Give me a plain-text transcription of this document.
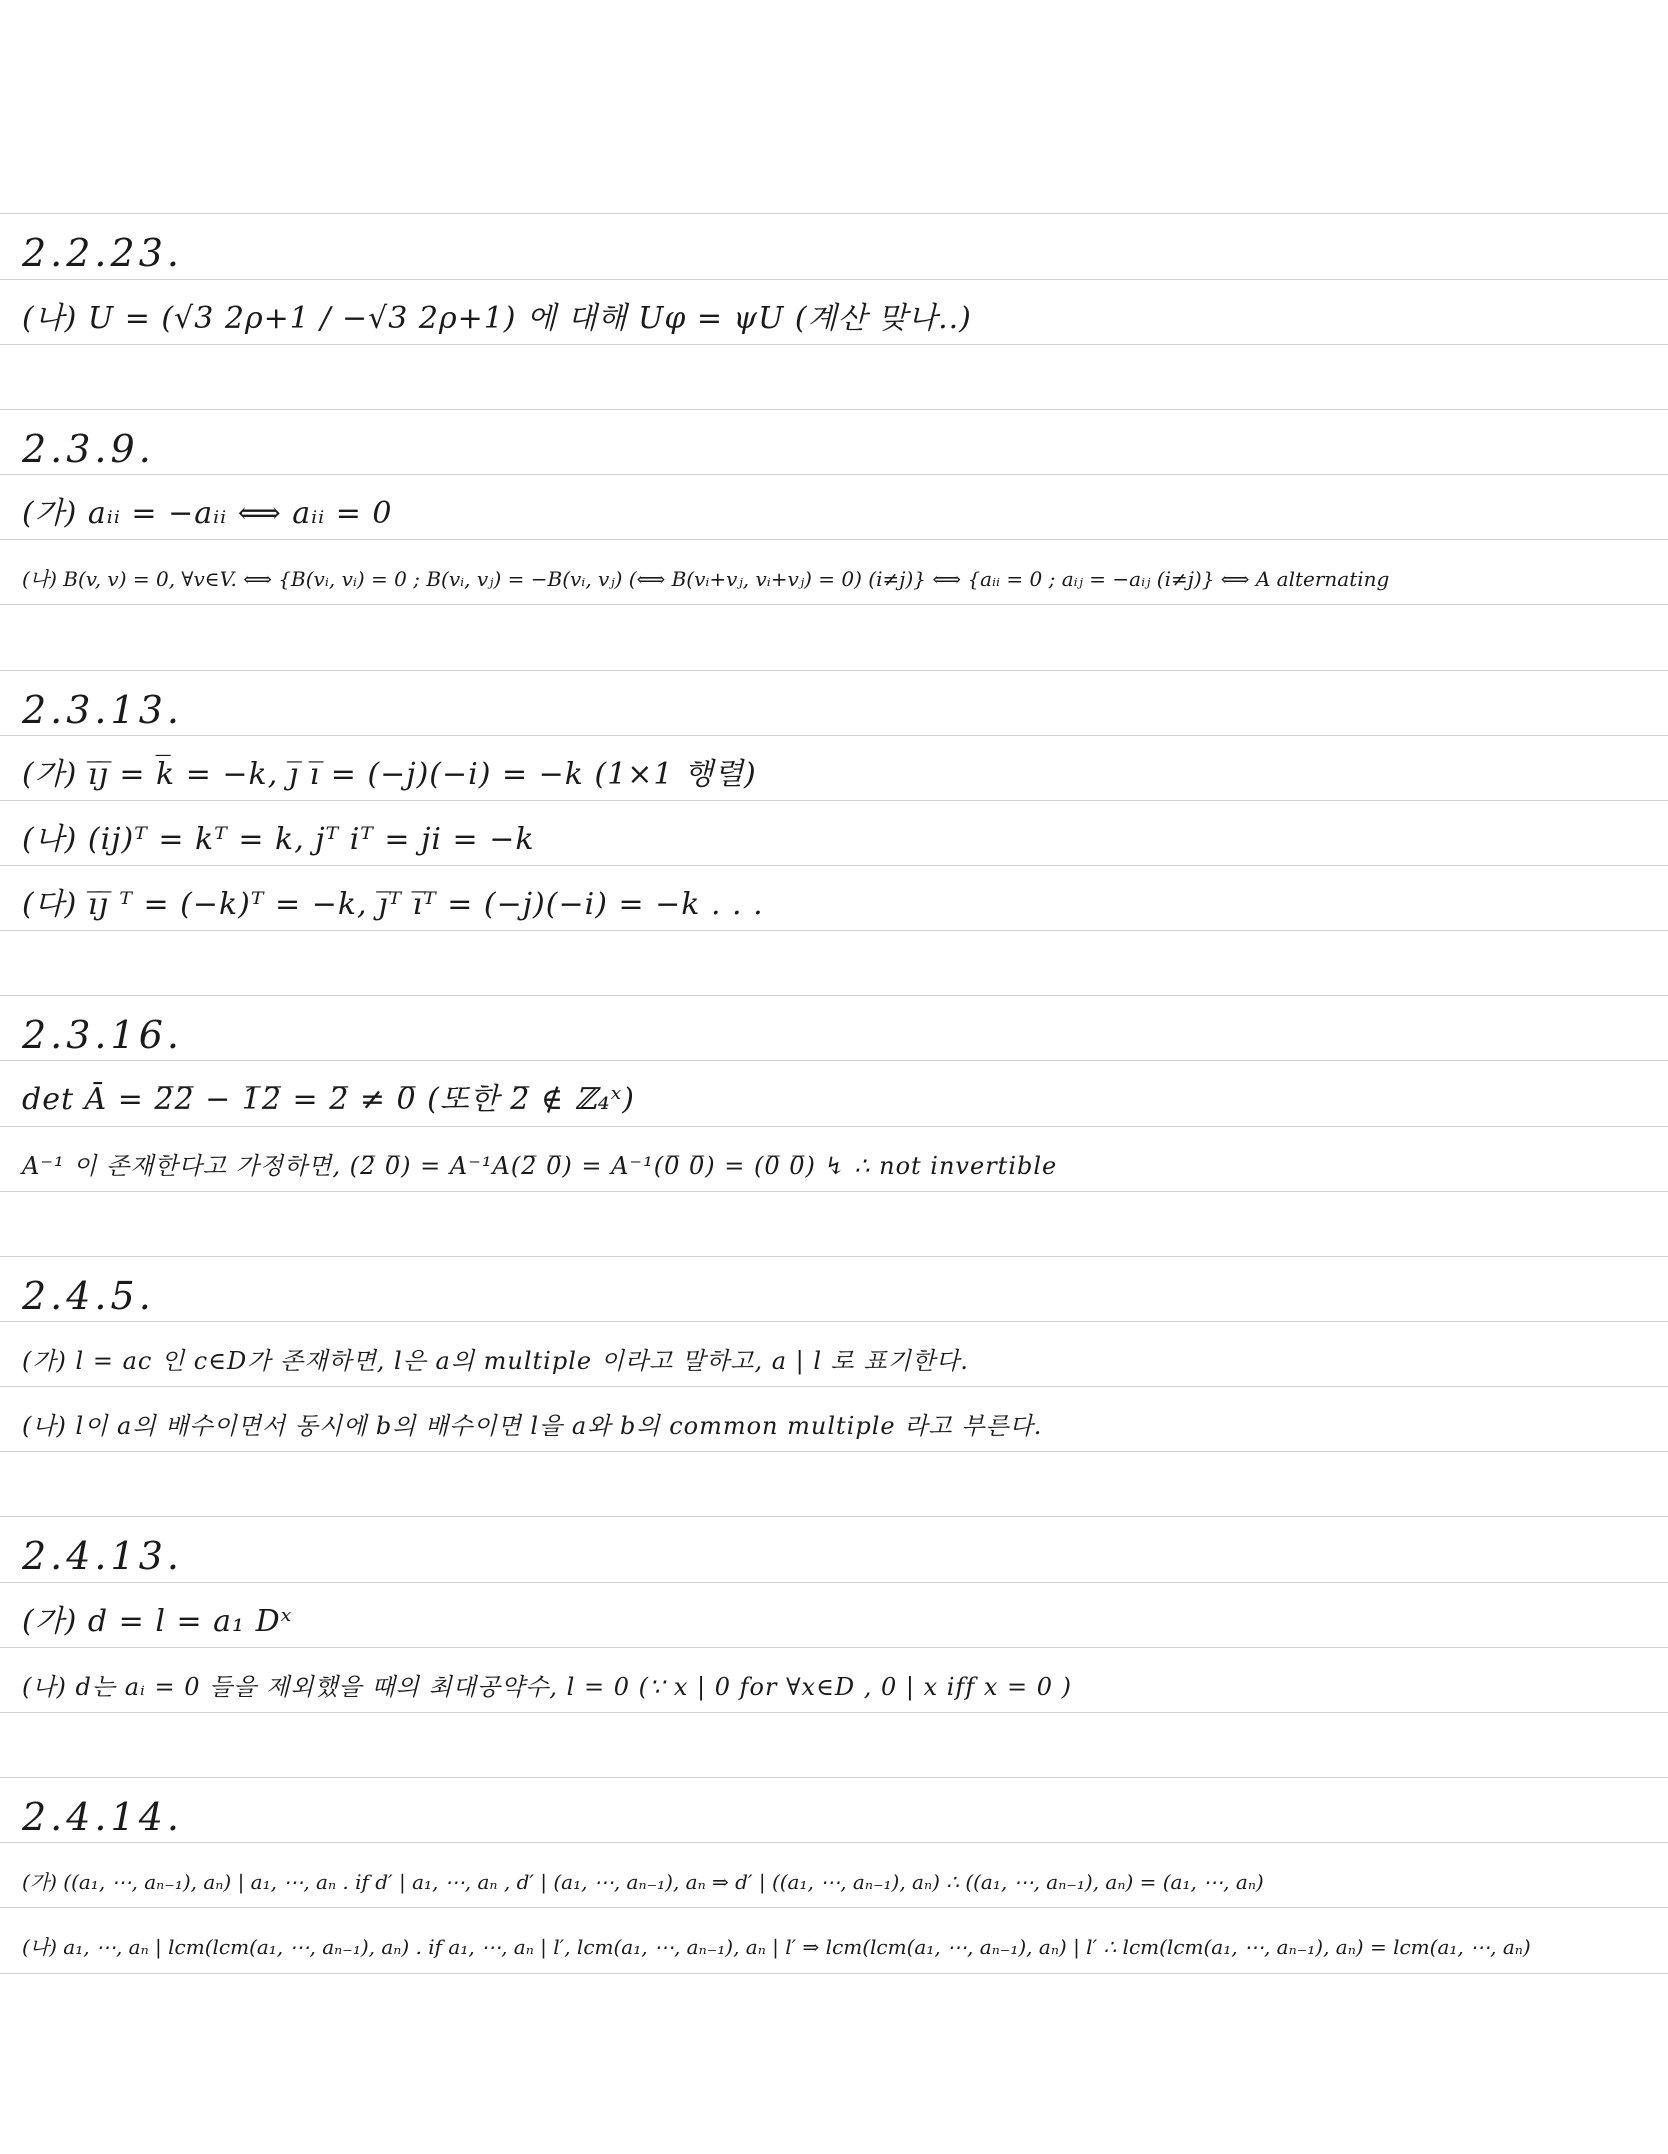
2.2.23.
(나) U = (√3 2ρ+1 / −√3 2ρ+1) 에 대해 Uφ = ψU (계산 맞나..)
2.3.9.
(가) aᵢᵢ = −aᵢᵢ ⟺ aᵢᵢ = 0
(나) B(v, v) = 0, ∀v∈V. ⟺ {B(vᵢ, vᵢ) = 0 ; B(vᵢ, vⱼ) = −B(vᵢ, vⱼ) (⟺ B(vᵢ+vⱼ, vᵢ+vⱼ) = 0) (i≠j)} ⟺ {aᵢᵢ = 0 ; aᵢⱼ = −aᵢⱼ (i≠j)} ⟺ A alternating
2.3.13.
(가) i̅j̅ = k̅ = −k, j̅ i̅ = (−j)(−i) = −k (1×1 행렬)
(나) (ij)ᵀ = kᵀ = k, jᵀ iᵀ = ji = −k
(다) i̅j̅ ᵀ = (−k)ᵀ = −k, j̅ᵀ i̅ᵀ = (−j)(−i) = −k . . .
2.3.16.
det Ā = 2̅2̅ − 1̅2̅ = 2̅ ≠ 0̅ (또한 2̅ ∉ ℤ₄ˣ)
A⁻¹ 이 존재한다고 가정하면, (2̅ 0̅) = A⁻¹A(2̅ 0̅) = A⁻¹(0̅ 0̅) = (0̅ 0̅) ↯ ∴ not invertible
2.4.5.
(가) l = ac 인 c∈D가 존재하면, l은 a의 multiple 이라고 말하고, a | l 로 표기한다.
(나) l이 a의 배수이면서 동시에 b의 배수이면 l을 a와 b의 common multiple 라고 부른다.
2.4.13.
(가) d = l = a₁ Dˣ
(나) d는 aᵢ = 0 들을 제외했을 때의 최대공약수, l = 0 (∵ x | 0 for ∀x∈D , 0 | x iff x = 0 )
2.4.14.
(가) ((a₁, ⋯, aₙ₋₁), aₙ) | a₁, ⋯, aₙ . if d′ | a₁, ⋯, aₙ , d′ | (a₁, ⋯, aₙ₋₁), aₙ ⇒ d′ | ((a₁, ⋯, aₙ₋₁), aₙ) ∴ ((a₁, ⋯, aₙ₋₁), aₙ) = (a₁, ⋯, aₙ)
(나) a₁, ⋯, aₙ | lcm(lcm(a₁, ⋯, aₙ₋₁), aₙ) . if a₁, ⋯, aₙ | l′, lcm(a₁, ⋯, aₙ₋₁), aₙ | l′ ⇒ lcm(lcm(a₁, ⋯, aₙ₋₁), aₙ) | l′ ∴ lcm(lcm(a₁, ⋯, aₙ₋₁), aₙ) = lcm(a₁, ⋯, aₙ)
